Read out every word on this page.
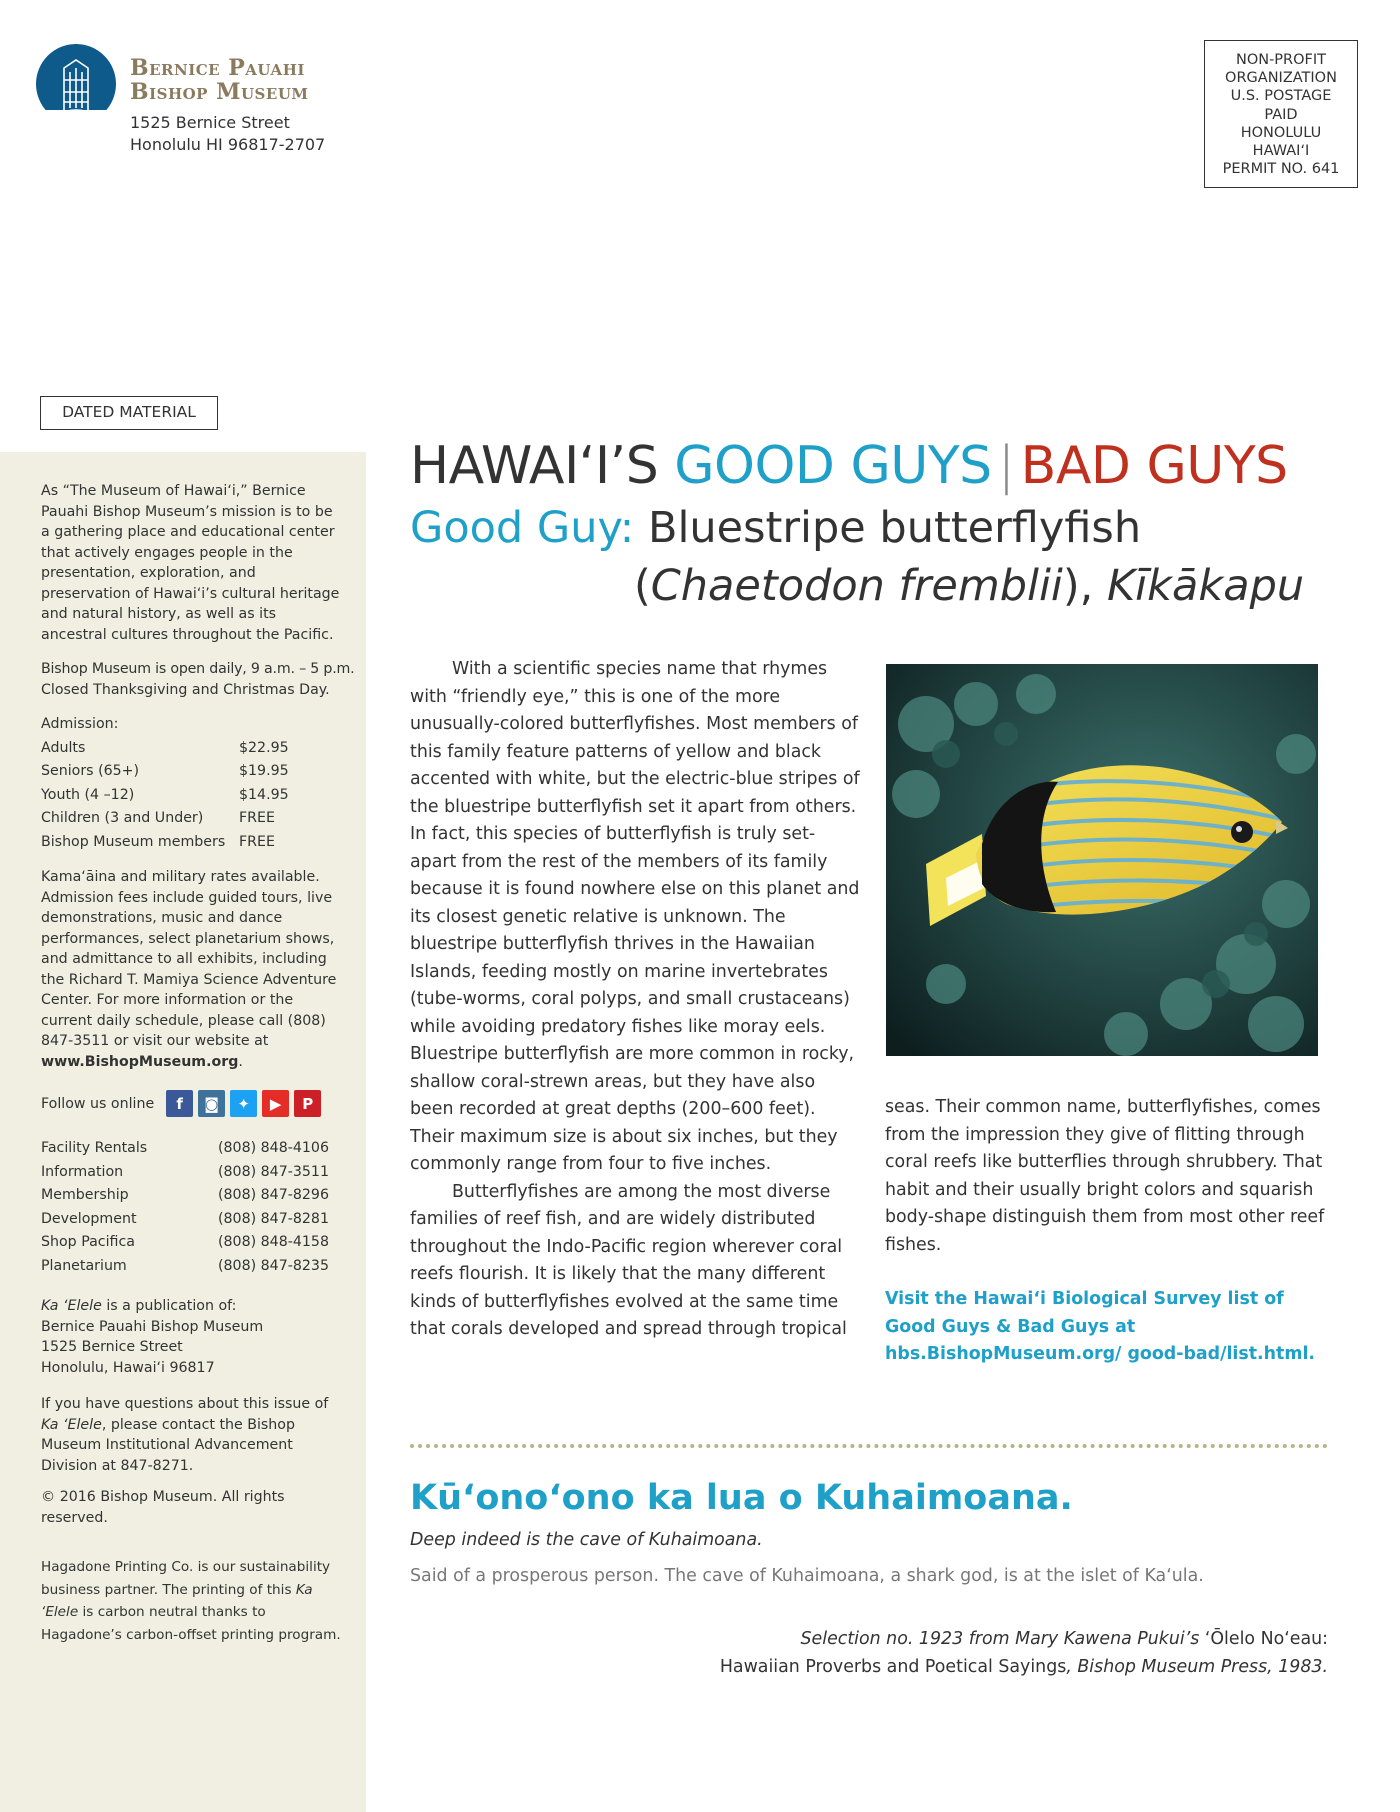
Bernice Pauahi
Bishop Museum
1525 Bernice Street
Honolulu HI 96817-2707
NON-PROFIT
ORGANIZATION
U.S. POSTAGE
PAID
HONOLULU
HAWAI‘I
PERMIT NO. 641
DATED MATERIAL

As “The Museum of Hawai‘i,” Bernice Pauahi Bishop Museum’s mission is to be a gathering place and educational center that actively engages people in the presentation, exploration, and preservation of Hawai‘i’s cultural heritage and natural history, as well as its ancestral cultures throughout the Pacific.

Bishop Museum is open daily, 9 a.m. – 5 p.m.

Closed Thanksgiving and Christmas Day.

Admission:

Adults	$22.95
Seniors (65+)	$19.95
Youth (4 –12)	$14.95
Children (3 and Under)	FREE
Bishop Museum members FREE

Kama‘āina and military rates available. Admission fees include guided tours, live demonstrations, music and dance performances, select planetarium shows, and admittance to all exhibits, including the Richard T. Mamiya Science Adventure Center. For more information or the current daily schedule, please call (808) 847-3511 or visit our website at www.BishopMuseum.org.

Follow us online	f	◙	✦	▶	P
Facility Rentals	(808) 848-4106
Information	(808) 847-3511
Membership	(808) 847-8296
Development	(808) 847-8281
Shop Pacifica	(808) 848-4158
Planetarium	(808) 847-8235

Ka ‘Elele is a publication of:

Bernice Pauahi Bishop Museum

1525 Bernice Street

Honolulu, Hawai‘i 96817

If you have questions about this issue of Ka ‘Elele, please contact the Bishop Museum Institutional Advancement Division at 847-8271.

© 2016 Bishop Museum. All rights reserved.

Hagadone Printing Co. is our sustainability business partner. The printing of this Ka ‘Elele is carbon neutral thanks to Hagadone’s carbon-offset printing program.

HAWAI‘I’S GOOD GUYS | BAD GUYS
Good Guy: Bluestripe butterflyfish
(Chaetodon fremblii), Kīkākapu

With a scientific species name that rhymes with “friendly eye,” this is one of the more unusually-colored butterflyfishes. Most members of this family feature patterns of yellow and black accented with white, but the electric-blue stripes of the bluestripe butterflyfish set it apart from others. In fact, this species of butterflyfish is truly set-apart from the rest of the members of its family because it is found nowhere else on this planet and its closest genetic relative is unknown. The bluestripe butterflyfish thrives in the Hawaiian Islands, feeding mostly on marine invertebrates (tube-worms, coral polyps, and small crustaceans) while avoiding predatory fishes like moray eels. Bluestripe butterflyfish are more common in rocky, shallow coral-strewn areas, but they have also been recorded at great depths (200–600 feet). Their maximum size is about six inches, but they commonly range from four to five inches.

Butterflyfishes are among the most diverse families of reef fish, and are widely distributed throughout the Indo-Pacific region wherever coral reefs flourish. It is likely that the many different kinds of butterflyfishes evolved at the same time that corals developed and spread through tropical

seas. Their common name, butterflyfishes, comes from the impression they give of flitting through coral reefs like butterflies through shrubbery. That habit and their usually bright colors and squarish body-shape distinguish them from most other reef fishes.

Visit the Hawai‘i Biological Survey list of Good Guys & Bad Guys at hbs.BishopMuseum.org/ good-bad/list.html.
Kūʻonoʻono ka lua o Kuhaimoana.
Deep indeed is the cave of Kuhaimoana.
Said of a prosperous person. The cave of Kuhaimoana, a shark god, is at the islet of Ka‘ula.
Selection no. 1923 from Mary Kawena Pukui’s ‘Ōlelo No‘eau:
Hawaiian Proverbs and Poetical Sayings, Bishop Museum Press, 1983.
